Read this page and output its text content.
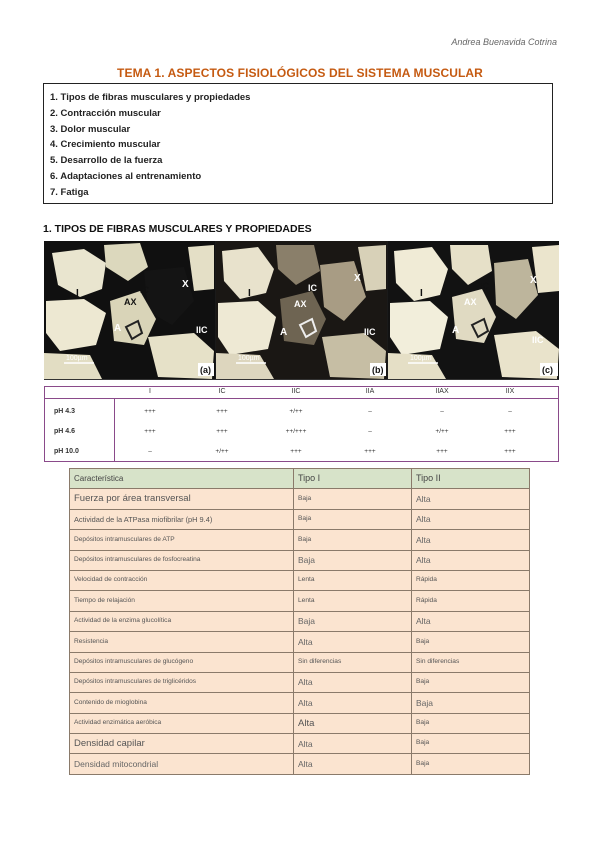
Andrea Buenavida Cotrina
TEMA 1. ASPECTOS FISIOLÓGICOS DEL SISTEMA MUSCULAR
1. Tipos de fibras musculares y propiedades
2. Contracción muscular
3. Dolor muscular
4. Crecimiento muscular
5. Desarrollo de la fuerza
6. Adaptaciones al entrenamiento
7. Fatiga
1. TIPOS DE FIBRAS MUSCULARES Y PROPIEDADES
I	IC
AX
X
A	IIC
100µm
(a)
I	IC
AX
X
A	IIC
100µm
(b)
I
IC
AX
X
A
IIC
100µm
(c)
I	IC	IIC	IIA	IIAX	IIX
pH 4.3	+++	+++	+/++	–	–	–
pH 4.6	+++	+++	++/+++	–	+/++	+++
pH 10.0	–	+/++	+++	+++	+++	+++
Característica	Tipo I	Tipo II
Fuerza por área transversal	Baja	Alta
Actividad de la ATPasa miofibrilar (pH 9.4)	Baja	Alta
Depósitos intramusculares de ATP	Baja	Alta
Depósitos intramusculares de fosfocreatina	Baja	Alta
Velocidad de contracción	Lenta	Rápida
Tiempo de relajación	Lenta	Rápida
Actividad de la enzima glucolítica	Baja	Alta
Resistencia	Alta	Baja
Depósitos intramusculares de glucógeno	Sin diferencias	Sin diferencias
Depósitos intramusculares de triglicéridos	Alta	Baja
Contenido de mioglobina	Alta	Baja
Actividad enzimática aeróbica	Alta	Baja
Densidad capilar	Alta	Baja
Densidad mitocondrial	Alta	Baja
